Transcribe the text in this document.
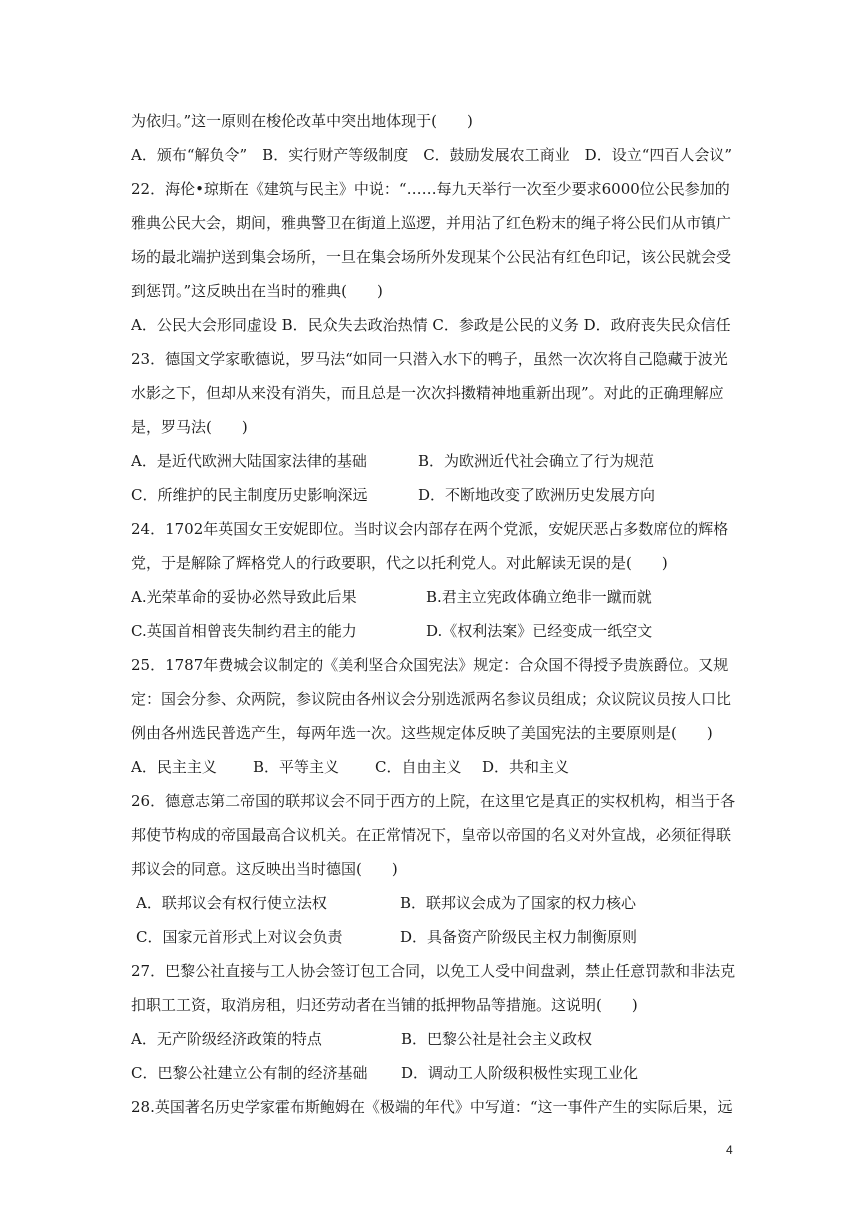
为依归。”这一原则在梭伦改革中突出地体现于(　　)
A．颁布“解负令”　B．实行财产等级制度　C．鼓励发展农工商业　D．设立“四百人会议”
22．海伦•琼斯在《建筑与民主》中说：“……每九天举行一次至少要求6000位公民参加的
雅典公民大会，期间，雅典警卫在街道上巡逻，并用沾了红色粉末的绳子将公民们从市镇广
场的最北端护送到集会场所，一旦在集会场所外发现某个公民沾有红色印记，该公民就会受
到惩罚。”这反映出在当时的雅典(　　)
A．公民大会形同虚设 B．民众失去政治热情 C．参政是公民的义务 D．政府丧失民众信任
23．德国文学家歌德说，罗马法“如同一只潜入水下的鸭子，虽然一次次将自己隐藏于波光
水影之下，但却从来没有消失，而且总是一次次抖擞精神地重新出现”。对此的正确理解应
是，罗马法(　　)
A．是近代欧洲大陆国家法律的基础	B．为欧洲近代社会确立了行为规范
C．所维护的民主制度历史影响深远	D．不断地改变了欧洲历史发展方向
24．1702年英国女王安妮即位。当时议会内部存在两个党派，安妮厌恶占多数席位的辉格
党，于是解除了辉格党人的行政要职，代之以托利党人。对此解读无误的是(　　)
A.光荣革命的妥协必然导致此后果	B.君主立宪政体确立绝非一蹴而就
C.英国首相曾丧失制约君主的能力	D.《权利法案》已经变成一纸空文
25．1787年费城会议制定的《美利坚合众国宪法》规定：合众国不得授予贵族爵位。又规
定：国会分参、众两院，参议院由各州议会分别选派两名参议员组成；众议院议员按人口比
例由各州选民普选产生，每两年选一次。这些规定体反映了美国宪法的主要原则是(　　)
A．民主主义	B．平等主义	C．自由主义	D．共和主义
26．德意志第二帝国的联邦议会不同于西方的上院，在这里它是真正的实权机构，相当于各
邦使节构成的帝国最高合议机关。在正常情况下，皇帝以帝国的名义对外宣战，必须征得联
邦议会的同意。这反映出当时德国(　　)
A．联邦议会有权行使立法权	B．联邦议会成为了国家的权力核心
C．国家元首形式上对议会负责	D．具备资产阶级民主权力制衡原则
27．巴黎公社直接与工人协会签订包工合同，以免工人受中间盘剥，禁止任意罚款和非法克
扣职工工资，取消房租，归还劳动者在当铺的抵押物品等措施。这说明(　　)
A．无产阶级经济政策的特点	B．巴黎公社是社会主义政权
C．巴黎公社建立公有制的经济基础	D．调动工人阶级积极性实现工业化
28.英国著名历史学家霍布斯鲍姆在《极端的年代》中写道：“这一事件产生的实际后果，远
4
